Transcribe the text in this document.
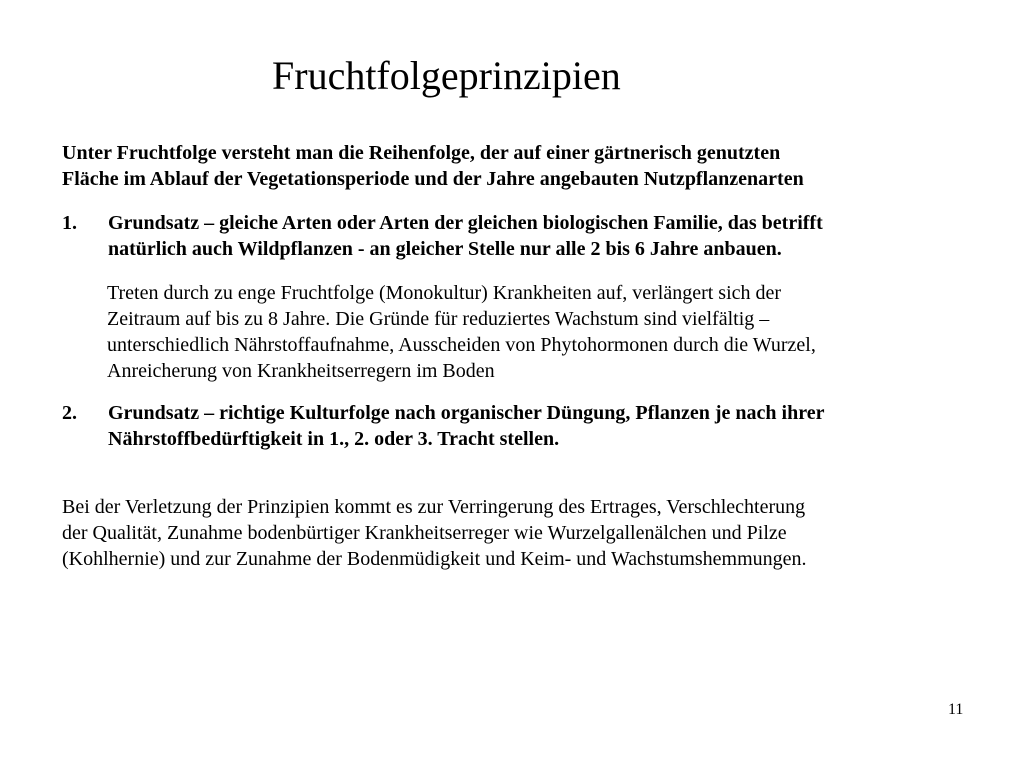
Fruchtfolgeprinzipien
Unter Fruchtfolge versteht man die Reihenfolge, der auf einer gärtnerisch genutzten
Fläche im Ablauf der Vegetationsperiode und der Jahre angebauten Nutzpflanzenarten
1. Grundsatz – gleiche Arten oder Arten der gleichen biologischen Familie, das betrifft
natürlich auch Wildpflanzen - an gleicher Stelle nur alle 2 bis 6 Jahre anbauen.
Treten durch zu enge Fruchtfolge (Monokultur) Krankheiten auf, verlängert sich der
Zeitraum auf bis zu 8 Jahre. Die Gründe für reduziertes Wachstum sind vielfältig –
unterschiedlich Nährstoffaufnahme, Ausscheiden von Phytohormonen durch die Wurzel,
Anreicherung von Krankheitserregern im Boden
2. Grundsatz – richtige Kulturfolge nach organischer Düngung, Pflanzen je nach ihrer
Nährstoffbedürftigkeit in 1., 2. oder 3. Tracht stellen.
Bei der Verletzung der Prinzipien kommt es zur Verringerung des Ertrages, Verschlechterung
der Qualität, Zunahme bodenbürtiger Krankheitserreger wie Wurzelgallenälchen und Pilze
(Kohlhernie) und zur Zunahme der Bodenmüdigkeit und Keim- und Wachstumshemmungen.
11
